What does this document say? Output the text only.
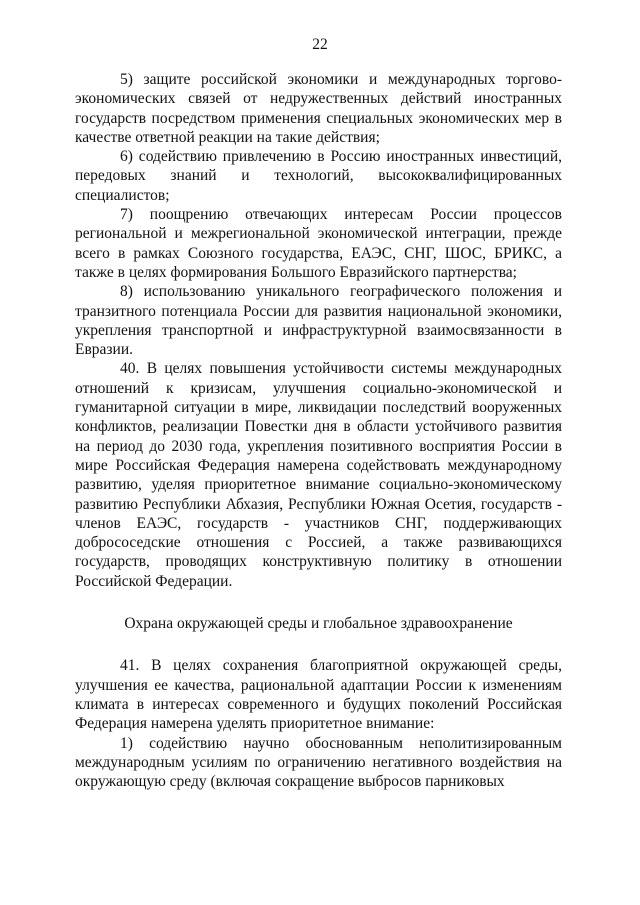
22

5) защите российской экономики и международных торгово-экономических связей от недружественных действий иностранных государств посредством применения специальных экономических мер в качестве ответной реакции на такие действия;

6) содействию привлечению в Россию иностранных инвестиций, передовых знаний и технологий, высококвалифицированных специалистов;

7) поощрению отвечающих интересам России процессов региональной и межрегиональной экономической интеграции, прежде всего в рамках Союзного государства, ЕАЭС, СНГ, ШОС, БРИКС, а также в целях формирования Большого Евразийского партнерства;

8) использованию уникального географического положения и транзитного потенциала России для развития национальной экономики, укрепления транспортной и инфраструктурной взаимосвязанности в Евразии.

40. В целях повышения устойчивости системы международных отношений к кризисам, улучшения социально-экономической и гуманитарной ситуации в мире, ликвидации последствий вооруженных конфликтов, реализации Повестки дня в области устойчивого развития на период до 2030 года, укрепления позитивного восприятия России в мире Российская Федерация намерена содействовать международному развитию, уделяя приоритетное внимание социально-экономическому развитию Республики Абхазия, Республики Южная Осетия, государств - членов ЕАЭС, государств - участников СНГ, поддерживающих добрососедские отношения с Россией, а также развивающихся государств, проводящих конструктивную политику в отношении Российской Федерации.

Охрана окружающей среды и глобальное здравоохранение

41. В целях сохранения благоприятной окружающей среды, улучшения ее качества, рациональной адаптации России к изменениям климата в интересах современного и будущих поколений Российская Федерация намерена уделять приоритетное внимание:

1) содействию научно обоснованным неполитизированным международным усилиям по ограничению негативного воздействия на окружающую среду (включая сокращение выбросов парниковых
